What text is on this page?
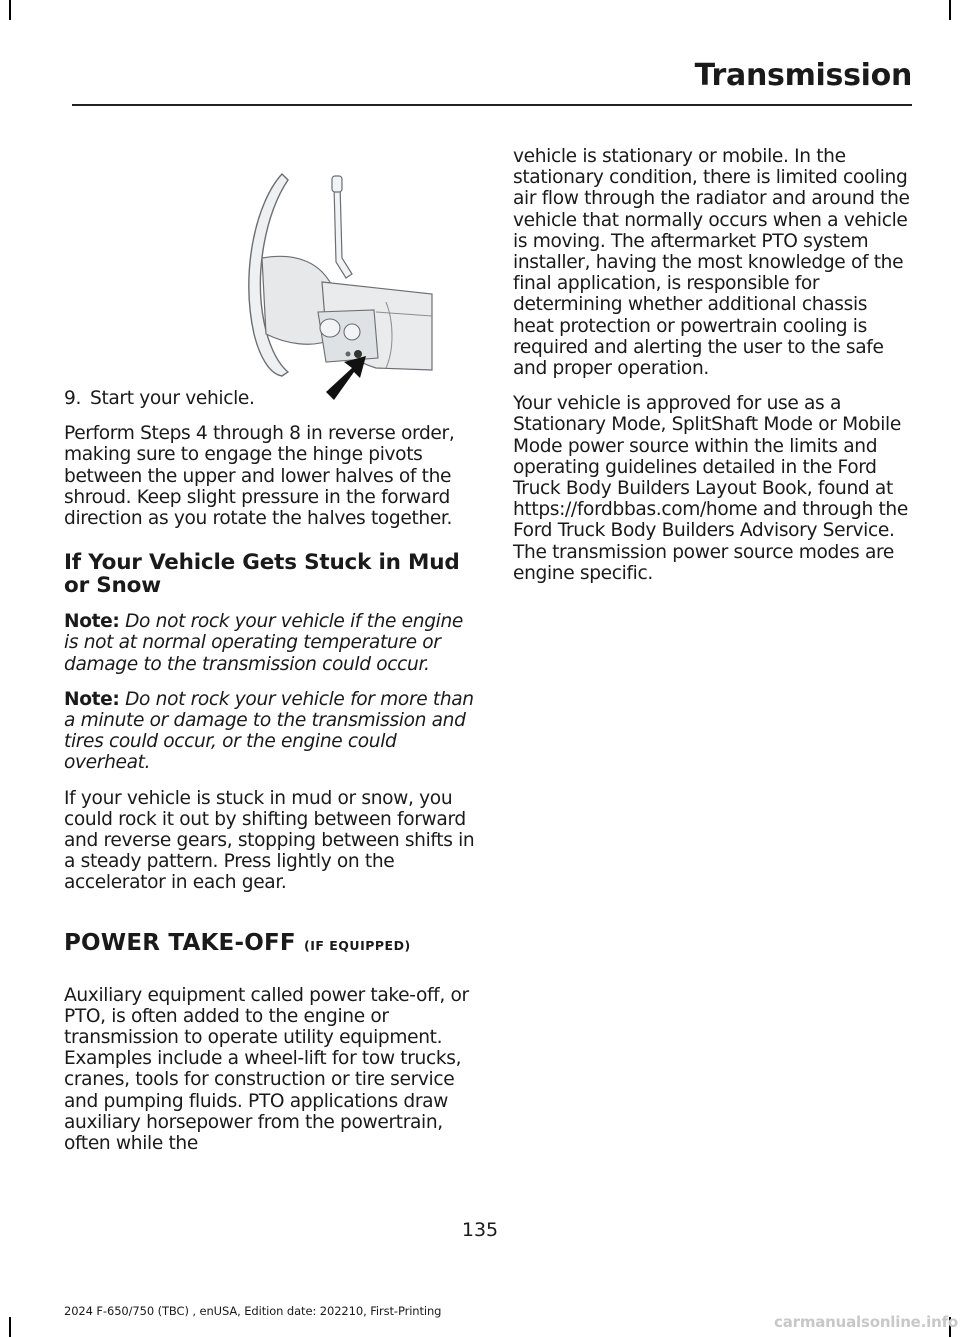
Transmission

9. Start your vehicle.

Perform Steps 4 through 8 in reverse order, making sure to engage the hinge pivots between the upper and lower halves of the shroud. Keep slight pressure in the forward direction as you rotate the halves together.

If Your Vehicle Gets Stuck in Mud or Snow

Note: Do not rock your vehicle if the engine is not at normal operating temperature or damage to the transmission could occur.

Note: Do not rock your vehicle for more than a minute or damage to the transmission and tires could occur, or the engine could overheat.

If your vehicle is stuck in mud or snow, you could rock it out by shifting between forward and reverse gears, stopping between shifts in a steady pattern. Press lightly on the accelerator in each gear.

POWER TAKE-OFF (IF EQUIPPED)

Auxiliary equipment called power take-off, or PTO, is often added to the engine or transmission to operate utility equipment. Examples include a wheel-lift for tow trucks, cranes, tools for construction or tire service and pumping fluids. PTO applications draw auxiliary horsepower from the powertrain, often while the

vehicle is stationary or mobile. In the stationary condition, there is limited cooling air flow through the radiator and around the vehicle that normally occurs when a vehicle is moving. The aftermarket PTO system installer, having the most knowledge of the final application, is responsible for determining whether additional chassis heat protection or powertrain cooling is required and alerting the user to the safe and proper operation.

Your vehicle is approved for use as a Stationary Mode, SplitShaft Mode or Mobile Mode power source within the limits and operating guidelines detailed in the Ford Truck Body Builders Layout Book, found at https://fordbbas.com/home and through the Ford Truck Body Builders Advisory Service. The transmission power source modes are engine specific.

135
2024 F-650/750 (TBC) , enUSA, Edition date: 202210, First-Printing
carmanualsonline.info
